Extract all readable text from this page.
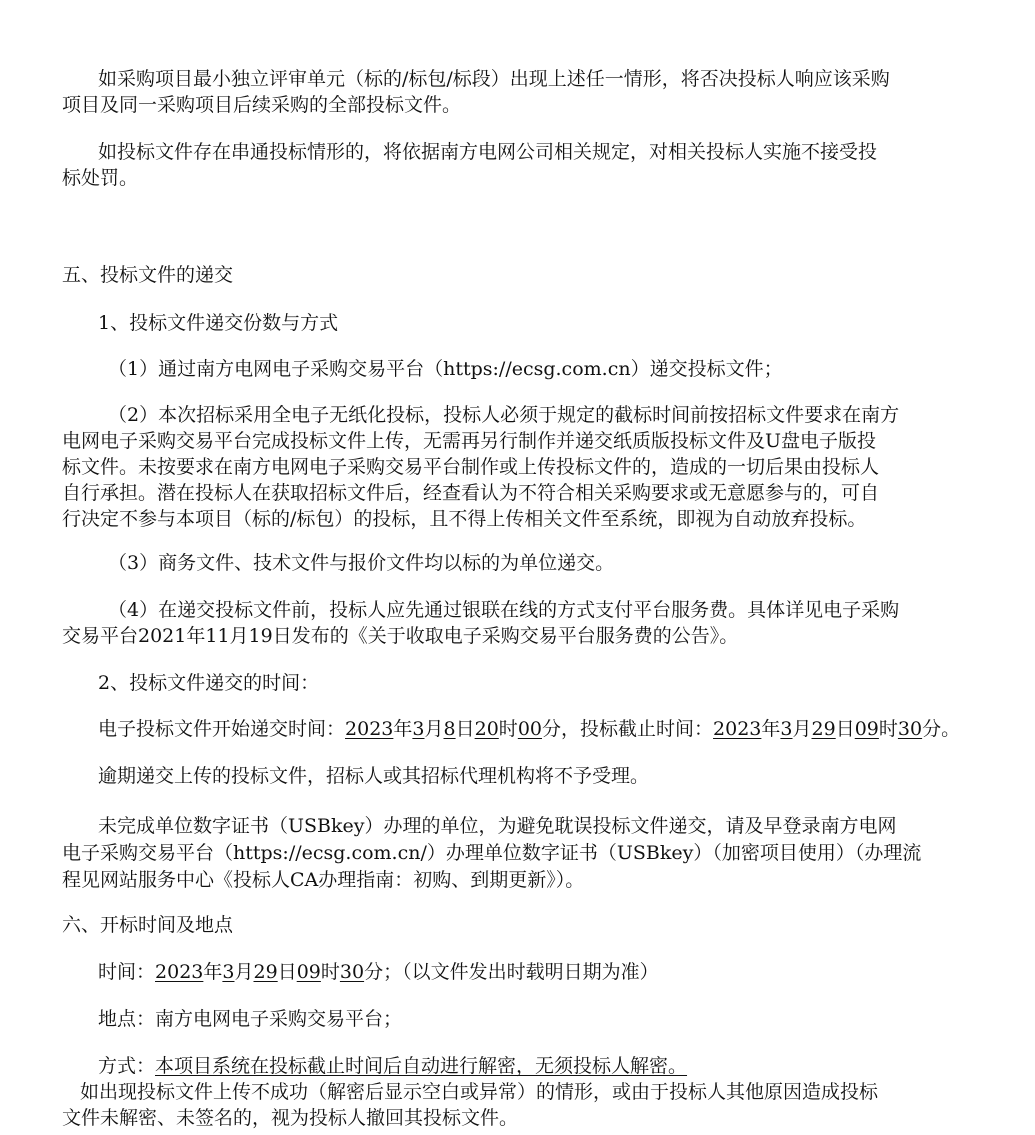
如采购项目最小独立评审单元（标的/标包/标段）出现上述任一情形，将否决投标人响应该采购

项目及同一采购项目后续采购的全部投标文件。

如投标文件存在串通投标情形的，将依据南方电网公司相关规定，对相关投标人实施不接受投

标处罚。

五、投标文件的递交

1、投标文件递交份数与方式

（1）通过南方电网电子采购交易平台（https://ecsg.com.cn）递交投标文件；

（2）本次招标采用全电子无纸化投标，投标人必须于规定的截标时间前按招标文件要求在南方

电网电子采购交易平台完成投标文件上传，无需再另行制作并递交纸质版投标文件及U盘电子版投

标文件。未按要求在南方电网电子采购交易平台制作或上传投标文件的，造成的一切后果由投标人

自行承担。潜在投标人在获取招标文件后，经查看认为不符合相关采购要求或无意愿参与的，可自

行决定不参与本项目（标的/标包）的投标，且不得上传相关文件至系统，即视为自动放弃投标。

（3）商务文件、技术文件与报价文件均以标的为单位递交。

（4）在递交投标文件前，投标人应先通过银联在线的方式支付平台服务费。具体详见电子采购

交易平台2021年11月19日发布的《关于收取电子采购交易平台服务费的公告》。

2、投标文件递交的时间：

电子投标文件开始递交时间：2023年3月8日20时00分，投标截止时间：2023年3月29日09时30分。

逾期递交上传的投标文件，招标人或其招标代理机构将不予受理。

未完成单位数字证书（USBkey）办理的单位，为避免耽误投标文件递交，请及早登录南方电网

电子采购交易平台（https://ecsg.com.cn/）办理单位数字证书（USBkey）（加密项目使用）（办理流

程见网站服务中心《投标人CA办理指南：初购、到期更新》）。

六、开标时间及地点

时间：2023年3月29日09时30分；（以文件发出时载明日期为准）

地点：南方电网电子采购交易平台；

方式：本项目系统在投标截止时间后自动进行解密，无须投标人解密。

如出现投标文件上传不成功（解密后显示空白或异常）的情形，或由于投标人其他原因造成投标

文件未解密、未签名的，视为投标人撤回其投标文件。
